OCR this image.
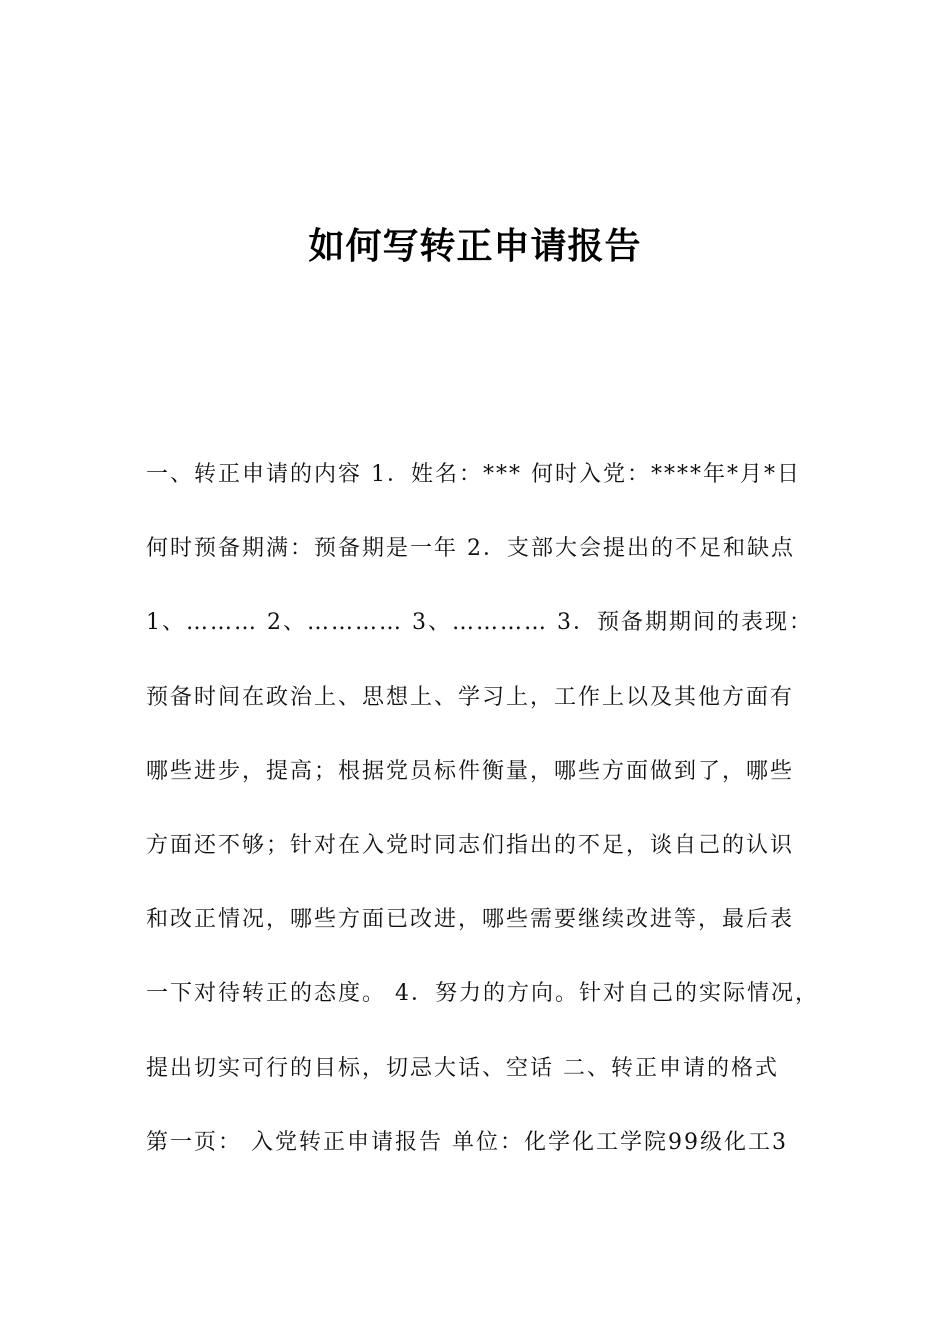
如何写转正申请报告
一、转正申请的内容 1．姓名：*** 何时入党：****年*月*日
何时预备期满：预备期是一年 2．支部大会提出的不足和缺点
1、……… 2、………… 3、………… 3．预备期期间的表现：
预备时间在政治上、思想上、学习上，工作上以及其他方面有
哪些进步，提高；根据党员标件衡量，哪些方面做到了，哪些
方面还不够；针对在入党时同志们指出的不足，谈自己的认识
和改正情况，哪些方面已改进，哪些需要继续改进等，最后表
一下对待转正的态度。 4．努力的方向。针对自己的实际情况，
提出切实可行的目标，切忌大话、空话 二、转正申请的格式
第一页： 入党转正申请报告 单位：化学化工学院99级化工3
